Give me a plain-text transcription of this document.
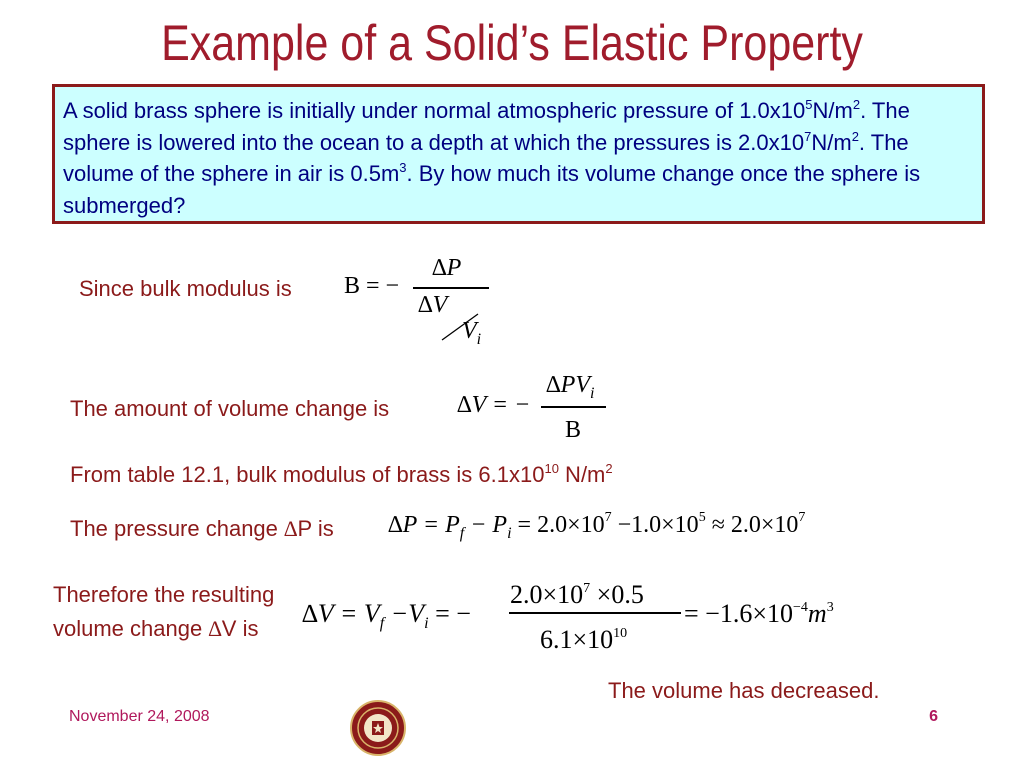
Example of a Solid’s Elastic Property
A solid brass sphere is initially under normal atmospheric pressure of $1.0x10^5N/m^2$. The
sphere is lowered into the ocean to a depth at which the pressures is $2.0x10^7N/m^2$. The
volume of the sphere in air is $0.5m^3$. By how much its volume change once the sphere is
submerged?
Since bulk modulus is B = −
∆P
∆V
$V_i$
The amount of volume change is	∆V = −
$\Delta PV_i$
B
From table 12.1, bulk modulus of brass is $6.1x10^{10}$ $N/m^2$
The pressure change ∆P is $\Delta P = P_f - P_i = 2.0\times 10^7 -1.0\times 10^5 \approx 2.0\times 10^7$
Therefore the resulting
volume change ∆V is
$\Delta V = V_f -V_i$ = −
$2.0\times 10^7 \times 0.5$
$6.1\times 10^{10}$
= $-1.6\times 10^{-4}m^3$
The volume has decreased.
November 24, 2008	6
